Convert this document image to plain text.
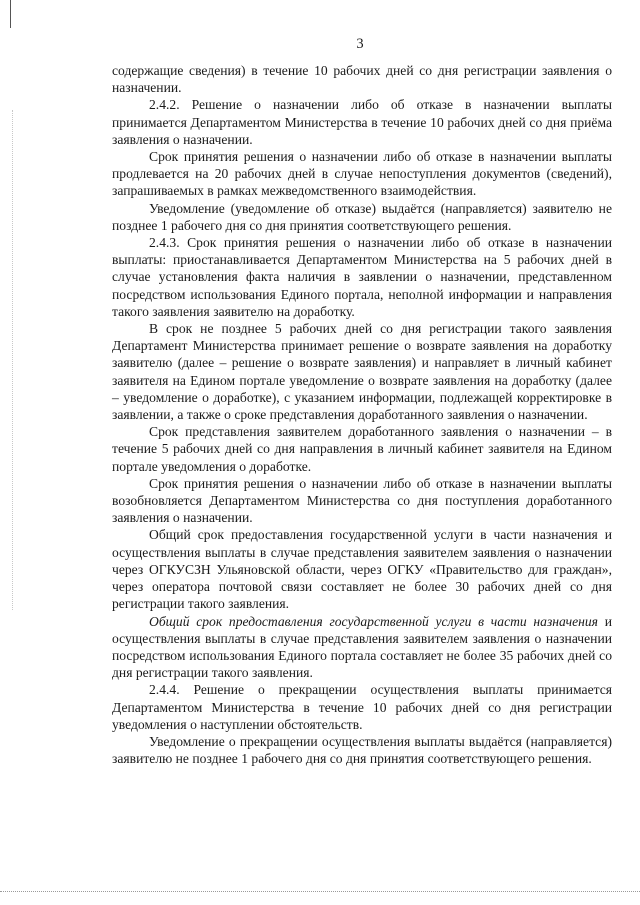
3

содержащие сведения) в течение 10 рабочих дней со дня регистрации заявления о назначении.

2.4.2. Решение о назначении либо об отказе в назначении выплаты принимается Департаментом Министерства в течение 10 рабочих дней со дня приёма заявления о назначении.

Срок принятия решения о назначении либо об отказе в назначении выплаты продлевается на 20 рабочих дней в случае непоступления документов (сведений), запрашиваемых в рамках межведомственного взаимодействия.

Уведомление (уведомление об отказе) выдаётся (направляется) заявителю не позднее 1 рабочего дня со дня принятия соответствующего решения.

2.4.3. Срок принятия решения о назначении либо об отказе в назначении выплаты: приостанавливается Департаментом Министерства на 5 рабочих дней в случае установления факта наличия в заявлении о назначении, представленном посредством использования Единого портала, неполной информации и направления такого заявления заявителю на доработку.

В срок не позднее 5 рабочих дней со дня регистрации такого заявления Департамент Министерства принимает решение о возврате заявления на доработку заявителю (далее – решение о возврате заявления) и направляет в личный кабинет заявителя на Едином портале уведомление о возврате заявления на доработку (далее – уведомление о доработке), с указанием информации, подлежащей корректировке в заявлении, а также о сроке представления доработанного заявления о назначении.

Срок представления заявителем доработанного заявления о назначении – в течение 5 рабочих дней со дня направления в личный кабинет заявителя на Едином портале уведомления о доработке.

Срок принятия решения о назначении либо об отказе в назначении выплаты возобновляется Департаментом Министерства со дня поступления доработанного заявления о назначении.

Общий срок предоставления государственной услуги в части назначения и осуществления выплаты в случае представления заявителем заявления о назначении через ОГКУСЗН Ульяновской области, через ОГКУ «Правительство для граждан», через оператора почтовой связи составляет не более 30 рабочих дней со дня регистрации такого заявления.

Общий срок предоставления государственной услуги в части назначения и осуществления выплаты в случае представления заявителем заявления о назначении посредством использования Единого портала составляет не более 35 рабочих дней со дня регистрации такого заявления.

2.4.4. Решение о прекращении осуществления выплаты принимается Департаментом Министерства в течение 10 рабочих дней со дня регистрации уведомления о наступлении обстоятельств.

Уведомление о прекращении осуществления выплаты выдаётся (направляется) заявителю не позднее 1 рабочего дня со дня принятия соответствующего решения.
